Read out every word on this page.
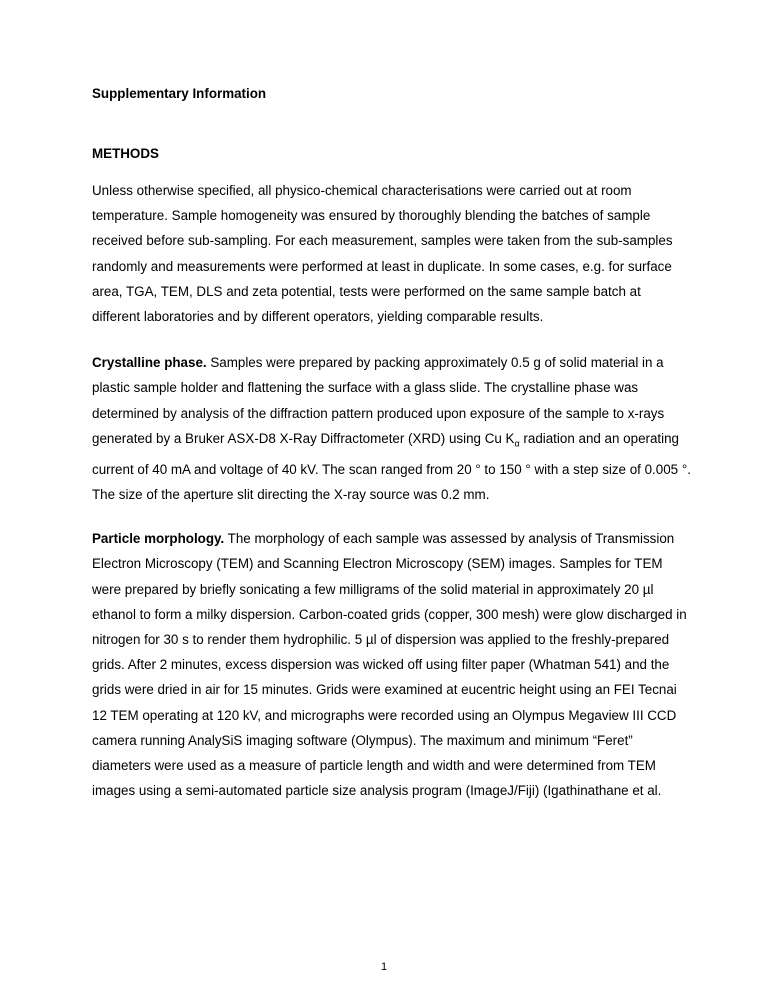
Supplementary Information
METHODS

Unless otherwise specified, all physico-chemical characterisations were carried out at room temperature. Sample homogeneity was ensured by thoroughly blending the batches of sample received before sub-sampling. For each measurement, samples were taken from the sub-samples randomly and measurements were performed at least in duplicate. In some cases, e.g. for surface area, TGA, TEM, DLS and zeta potential, tests were performed on the same sample batch at different laboratories and by different operators, yielding comparable results.

Crystalline phase. Samples were prepared by packing approximately 0.5 g of solid material in a plastic sample holder and flattening the surface with a glass slide. The crystalline phase was determined by analysis of the diffraction pattern produced upon exposure of the sample to x-rays generated by a Bruker ASX-D8 X-Ray Diffractometer (XRD) using Cu $K_\alpha$ radiation and an operating current of 40 mA and voltage of 40 kV. The scan ranged from 20 ° to 150 ° with a step size of 0.005 °. The size of the aperture slit directing the X-ray source was 0.2 mm.

Particle morphology. The morphology of each sample was assessed by analysis of Transmission Electron Microscopy (TEM) and Scanning Electron Microscopy (SEM) images. Samples for TEM were prepared by briefly sonicating a few milligrams of the solid material in approximately 20 µl ethanol to form a milky dispersion. Carbon-coated grids (copper, 300 mesh) were glow discharged in nitrogen for 30 s to render them hydrophilic. 5 µl of dispersion was applied to the freshly-prepared grids. After 2 minutes, excess dispersion was wicked off using filter paper (Whatman 541) and the grids were dried in air for 15 minutes. Grids were examined at eucentric height using an FEI Tecnai 12 TEM operating at 120 kV, and micrographs were recorded using an Olympus Megaview III CCD camera running AnalySiS imaging software (Olympus). The maximum and minimum “Feret” diameters were used as a measure of particle length and width and were determined from TEM images using a semi-automated particle size analysis program (ImageJ/Fiji) (Igathinathane et al.

1
